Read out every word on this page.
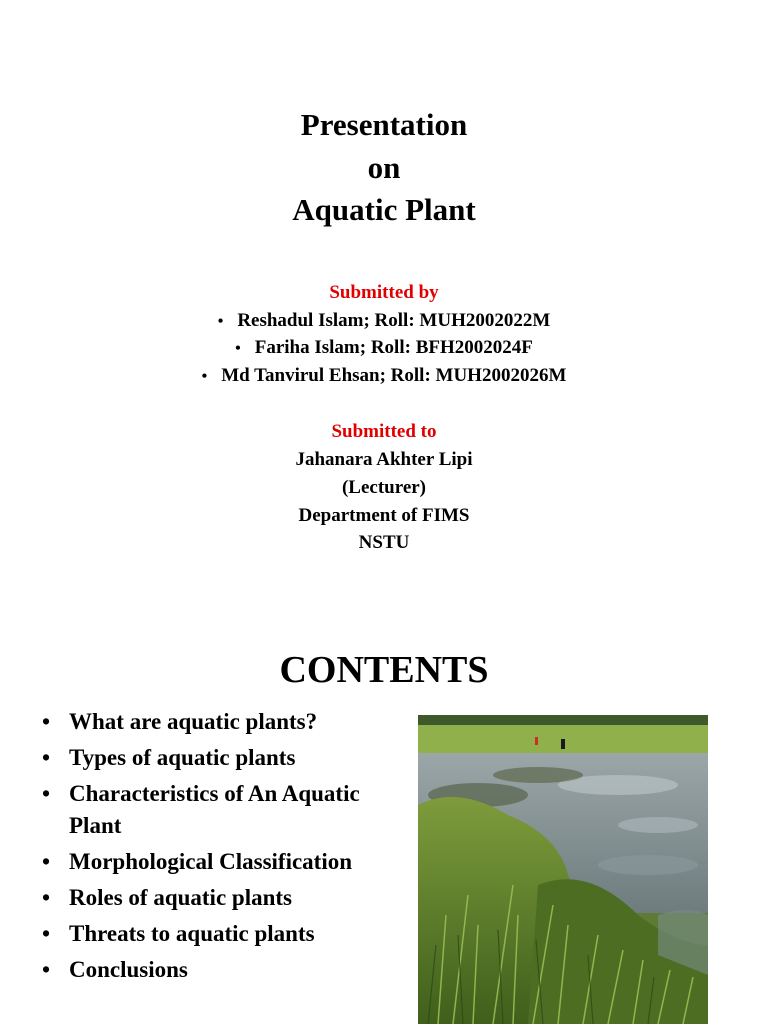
Presentation
on
Aquatic Plant
Submitted by
• Reshadul Islam; Roll: MUH2002022M
• Fariha Islam; Roll: BFH2002024F
• Md Tanvirul Ehsan; Roll: MUH2002026M
Submitted to
Jahanara Akhter Lipi
(Lecturer)
Department of FIMS
NSTU
CONTENTS
• What are aquatic plants?
• Types of aquatic plants
• Characteristics of An Aquatic Plant
• Morphological Classification
• Roles of aquatic plants
• Threats to aquatic plants
• Conclusions
